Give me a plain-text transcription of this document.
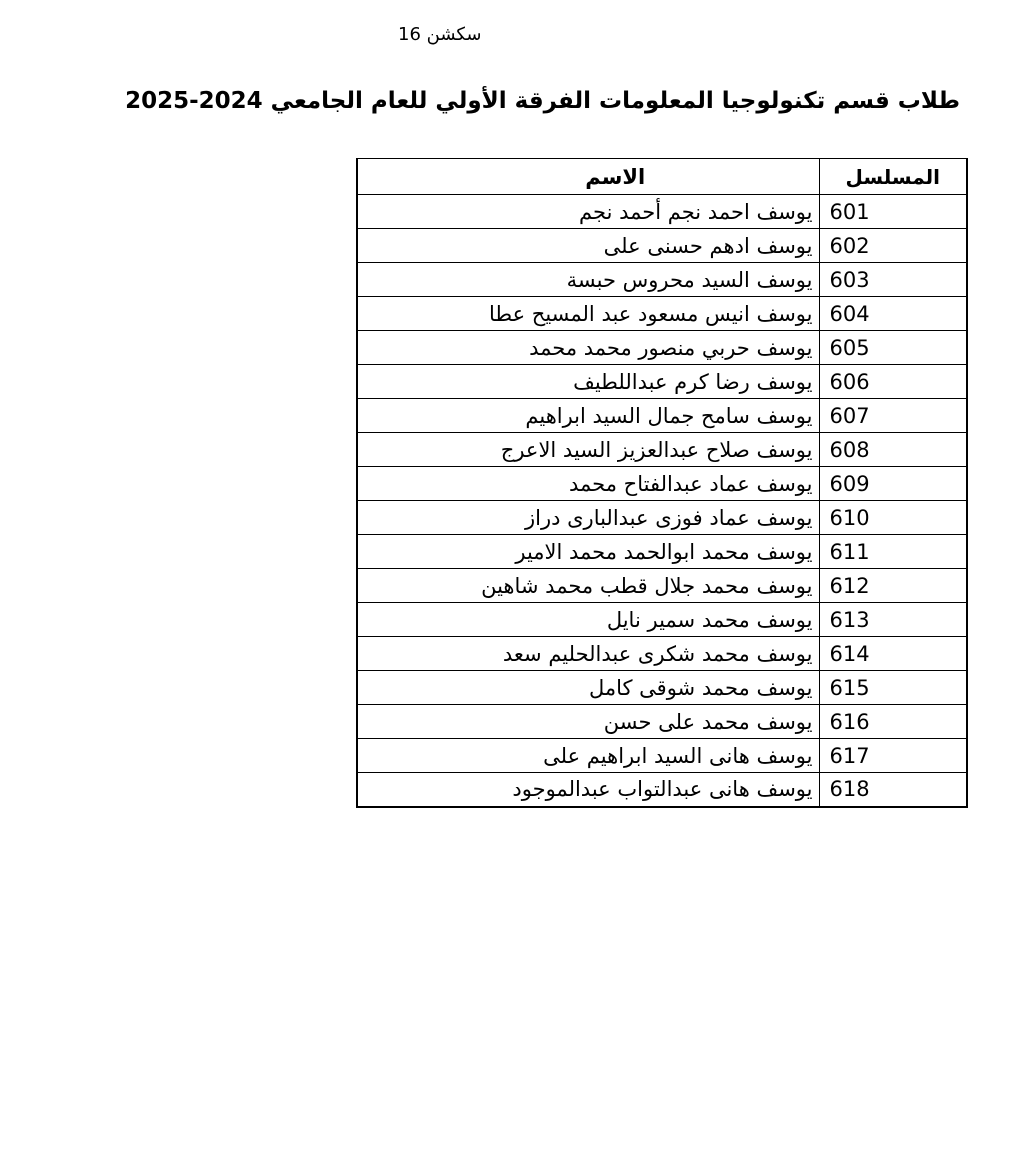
سكشن 16
طلاب قسم تكنولوجيا المعلومات الفرقة الأولي للعام الجامعي 2024-2025
المسلسل	الاسم
601	يوسف احمد نجم أحمد نجم
602	يوسف ادهم حسنى على
603	يوسف السيد محروس حبسة
604	يوسف انيس مسعود عبد المسيح عطا
605	يوسف حربي منصور محمد محمد
606	يوسف رضا كرم عبداللطيف
607	يوسف سامح جمال السيد ابراهيم
608	يوسف صلاح عبدالعزيز السيد الاعرج
609	يوسف عماد عبدالفتاح محمد
610	يوسف عماد فوزى عبدالبارى دراز
611	يوسف محمد ابوالحمد محمد الامير
612	يوسف محمد جلال قطب محمد شاهين
613	يوسف محمد سمير نايل
614	يوسف محمد شكرى عبدالحليم سعد
615	يوسف محمد شوقى كامل
616	يوسف محمد على حسن
617	يوسف هانى السيد ابراهيم على
618	يوسف هانى عبدالتواب عبدالموجود
